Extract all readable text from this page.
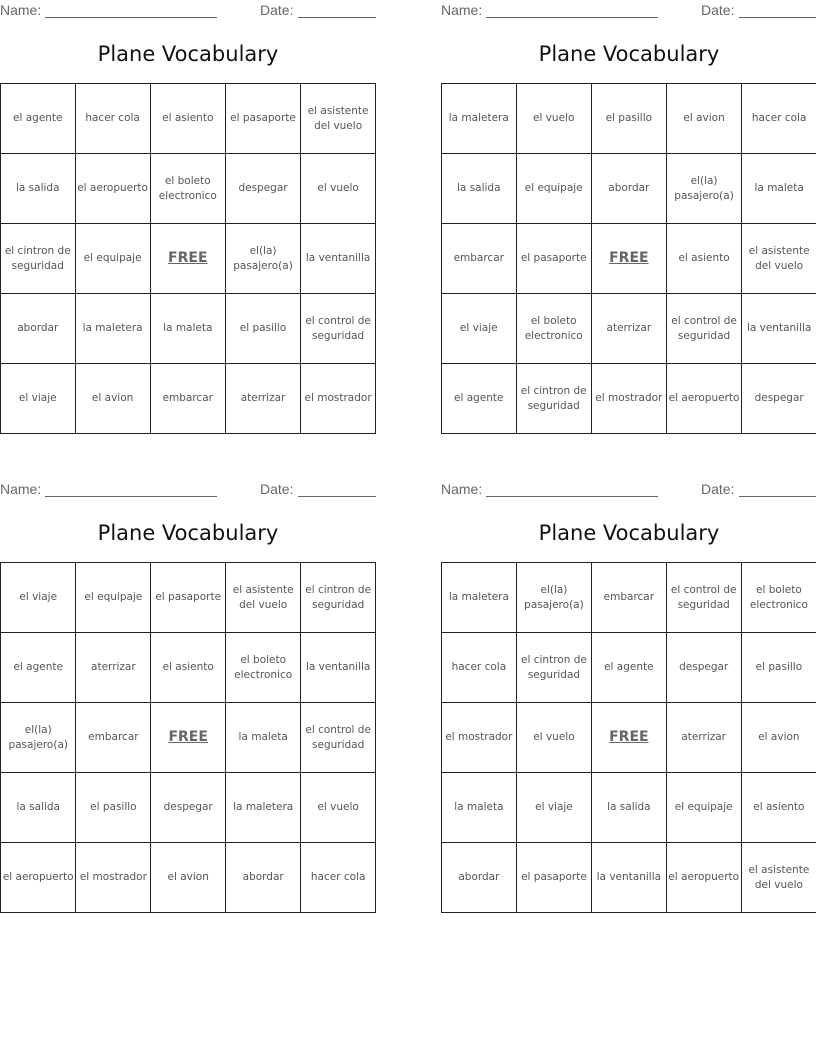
Name:	Date:
Plane Vocabulary
el agente	hacer cola	el asiento	el pasaporte	el asistente del vuelo
la salida	el aeropuerto	el boleto electronico	despegar	el vuelo
el cintron de seguridad	el equipaje	FREE	el(la) pasajero(a)	la ventanilla
abordar	la maletera	la maleta	el pasillo	el control de seguridad
el viaje	el avion	embarcar	aterrizar	el mostrador
Name:	Date:
Plane Vocabulary
la maletera	el vuelo	el pasillo	el avion	hacer cola
la salida	el equipaje	abordar	el(la) pasajero(a)	la maleta
embarcar	el pasaporte	FREE	el asiento	el asistente del vuelo
el viaje	el boleto electronico	aterrizar	el control de seguridad	la ventanilla
el agente	el cintron de seguridad	el mostrador	el aeropuerto	despegar
Name:	Date:
Plane Vocabulary
el viaje	el equipaje	el pasaporte	el asistente del vuelo	el cintron de seguridad
el agente	aterrizar	el asiento	el boleto electronico	la ventanilla
el(la) pasajero(a)	embarcar	FREE	la maleta	el control de seguridad
la salida	el pasillo	despegar	la maletera	el vuelo
el aeropuerto	el mostrador	el avion	abordar	hacer cola
Name:	Date:
Plane Vocabulary
la maletera	el(la) pasajero(a)	embarcar	el control de seguridad	el boleto electronico
hacer cola	el cintron de seguridad	el agente	despegar	el pasillo
el mostrador	el vuelo	FREE	aterrizar	el avion
la maleta	el viaje	la salida	el equipaje	el asiento
abordar	el pasaporte	la ventanilla	el aeropuerto	el asistente del vuelo
